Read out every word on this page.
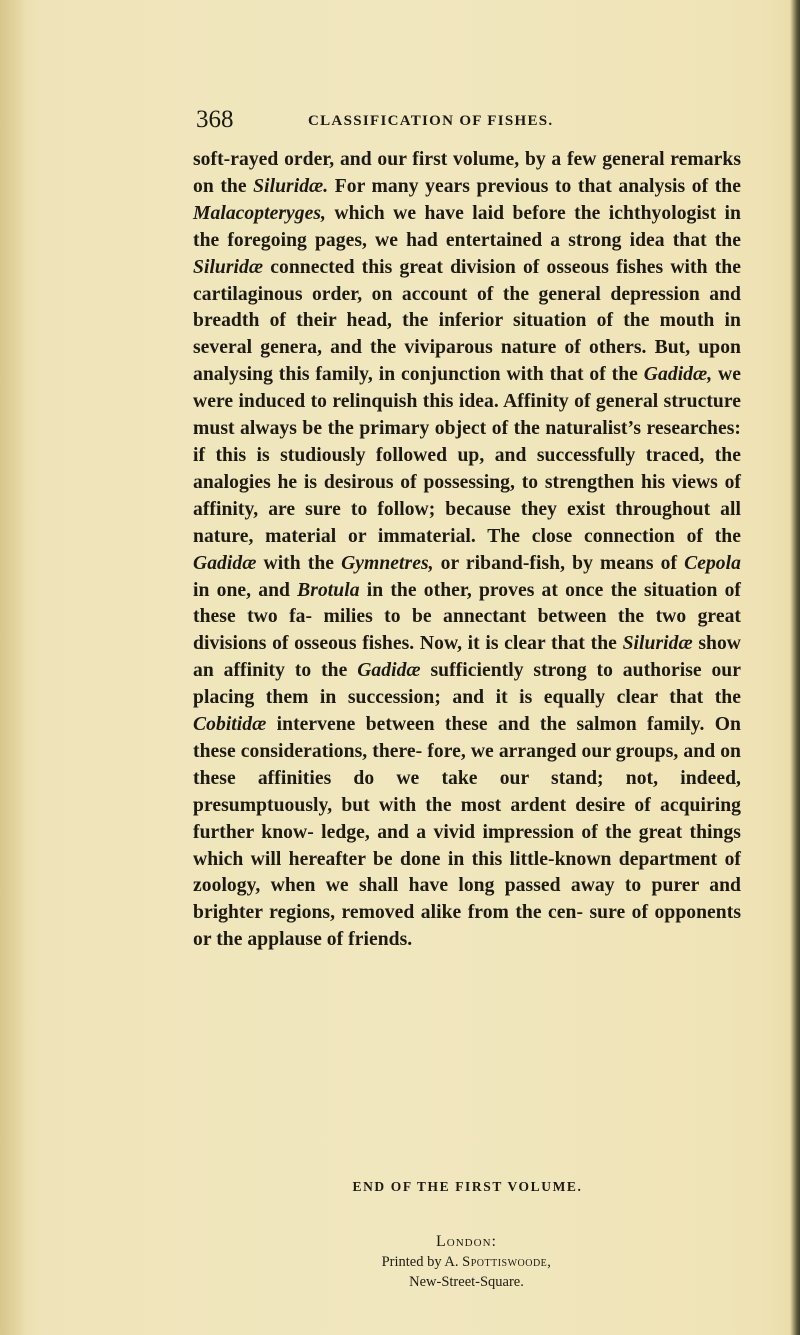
368	CLASSIFICATION OF FISHES.
soft-rayed order, and our first volume, by a few general remarks on the Siluridæ. For many years previous to that analysis of the Malacopteryges, which we have laid before the ichthyologist in the foregoing pages, we had entertained a strong idea that the Siluridæ connected this great division of osseous fishes with the cartilaginous order, on account of the general depression and breadth of their head, the inferior situation of the mouth in several genera, and the viviparous nature of others. But, upon analysing this family, in conjunction with that of the Gadidæ, we were induced to relinquish this idea. Affinity of general structure must always be the primary object of the naturalist’s researches: if this is studiously followed up, and successfully traced, the analogies he is desirous of possessing, to strengthen his views of affinity, are sure to follow; because they exist throughout all nature, material or immaterial. The close connection of the Gadidæ with the Gymnetres, or riband-fish, by means of Cepola in one, and Brotula in the other, proves at once the situation of these two fa- milies to be annectant between the two great divisions of osseous fishes. Now, it is clear that the Siluridæ show an affinity to the Gadidæ sufficiently strong to authorise our placing them in succession; and it is equally clear that the Cobitidæ intervene between these and the salmon family. On these considerations, there- fore, we arranged our groups, and on these affinities do we take our stand; not, indeed, presumptuously, but with the most ardent desire of acquiring further know- ledge, and a vivid impression of the great things which will hereafter be done in this little-known department of zoology, when we shall have long passed away to purer and brighter regions, removed alike from the cen- sure of opponents or the applause of friends.
END OF THE FIRST VOLUME.
London:
Printed by A. Spottiswoode,
New-Street-Square.
